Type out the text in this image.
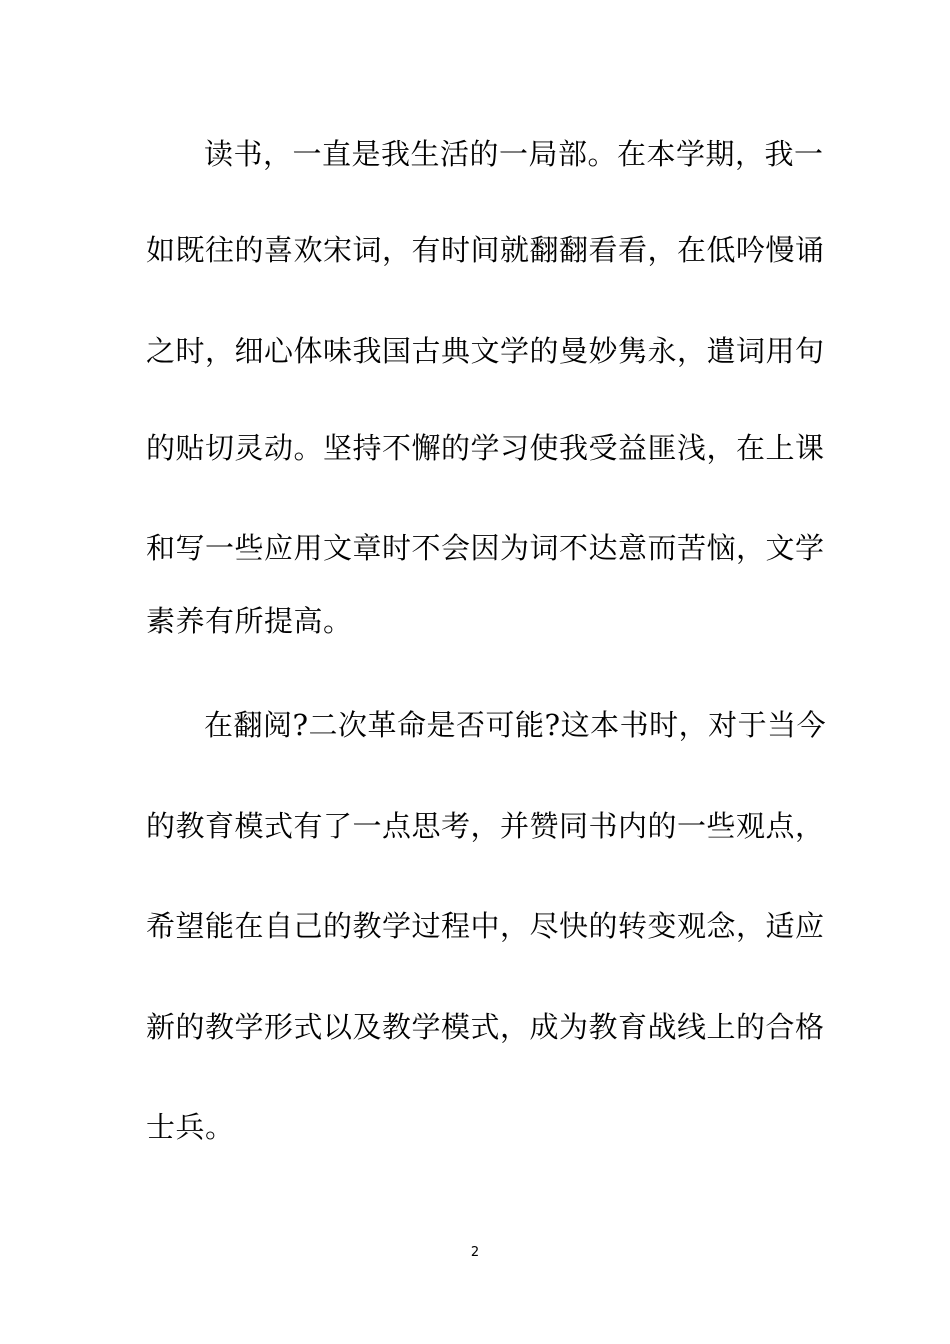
读书，一直是我生活的一局部。在本学期，我一
如既往的喜欢宋词，有时间就翻翻看看，在低吟慢诵
之时，细心体味我国古典文学的曼妙隽永，遣词用句
的贴切灵动。坚持不懈的学习使我受益匪浅，在上课
和写一些应用文章时不会因为词不达意而苦恼，文学
素养有所提高。
在翻阅?二次革命是否可能?这本书时，对于当今
的教育模式有了一点思考，并赞同书内的一些观点，
希望能在自己的教学过程中，尽快的转变观念，适应
新的教学形式以及教学模式，成为教育战线上的合格
士兵。
2
